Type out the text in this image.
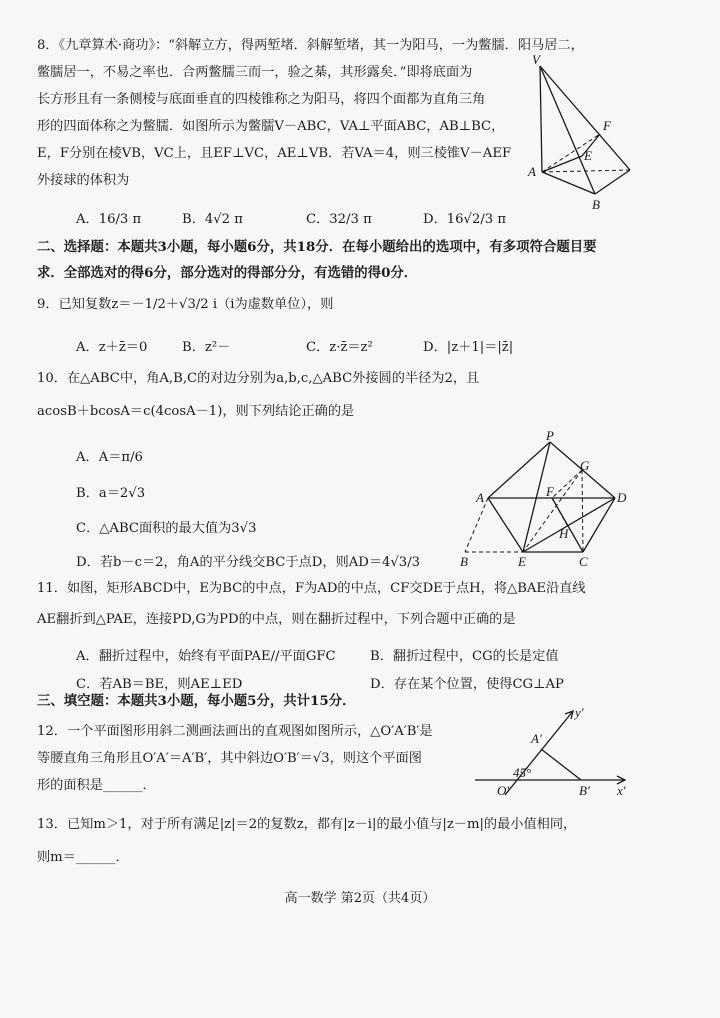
8．《九章算术·商功》：“斜解立方，得两堑堵．斜解堑堵，其一为阳马，一为鳖臑．阳马居二，
鳖臑居一，不易之率也．合两鳖臑三而一，验之棊，其形露矣．”即将底面为
长方形且有一条侧棱与底面垂直的四棱锥称之为阳马，将四个面都为直角三角
形的四面体称之为鳖臑．如图所示为鳖臑V－ABC，VA⊥平面ABC，AB⊥BC，
E，F分别在棱VB，VC上，且EF⊥VC，AE⊥VB．若VA＝4，则三棱锥V－AEF
外接球的体积为
A．16/3 π	B．4√2 π	C．32/3 π	D．16√2/3 π
V
F
E
A
B
二、选择题：本题共3小题，每小题6分，共18分．在每小题给出的选项中，有多项符合题目要
求．全部选对的得6分，部分选对的得部分分，有选错的得0分．
9．已知复数z＝－1/2＋√3/2 i（i为虚数单位），则
A．z＋z̄＝0	B．z²－	C．z·z̄＝z²	D．|z＋1|＝|z̄|
10．在△ABC中，角A,B,C的对边分别为a,b,c,△ABC外接圆的半径为2，且
acosB＋bcosA＝c(4cosA－1)，则下列结论正确的是
A．A＝π/6
B．a＝2√3
C．△ABC面积的最大值为3√3
D．若b－c＝2，角A的平分线交BC于点D，则AD＝4√3/3
P
G
A	F	D
H
B	E	C
11．如图，矩形ABCD中，E为BC的中点，F为AD的中点，CF交DE于点H，将△BAE沿直线
AE翻折到△PAE，连接PD,G为PD的中点，则在翻折过程中，下列合题中正确的是
A．翻折过程中，始终有平面PAE//平面GFC	B．翻折过程中，CG的长是定值
C．若AB＝BE，则AE⊥ED	D．存在某个位置，使得CG⊥AP
三、填空题：本题共3小题，每小题5分，共计15分．
12．一个平面图形用斜二测画法画出的直观图如图所示，△O′A′B′是
等腰直角三角形且O′A′＝A′B′，其中斜边O′B′＝√3，则这个平面图
形的面积是______．
y′
A′
45°
O′	B′ x′
13．已知m＞1，对于所有满足|z|＝2的复数z，都有|z－i|的最小值与|z－m|的最小值相同，
则m＝______．
高一数学 第2页（共4页）
